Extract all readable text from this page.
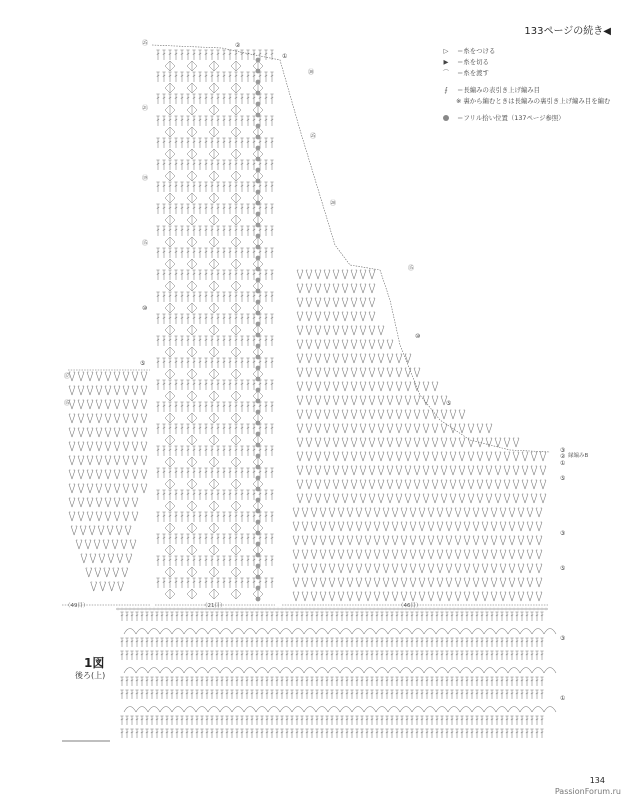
133ページの続き◀
▷	＝糸をつける
▶	＝糸を切る
⌒	＝糸を渡す
⨍	＝長編みの表引き上げ編み目
※ 裏から編むときは長編みの裏引き上げ編み目を編む
＝フリル拾い位置（137ページ参照）
㉕
㉑
⑲
⑮
⑩
⑤
⑰
⑮
②
①
㉚
㉕
⑳
⑮
⑩
⑤
③
②
①
⑤
③
⑤
③
①
（49目）	（21目）	（46目）
縁編みB
1図
後ろ(上)
134
PassionForum.ru
